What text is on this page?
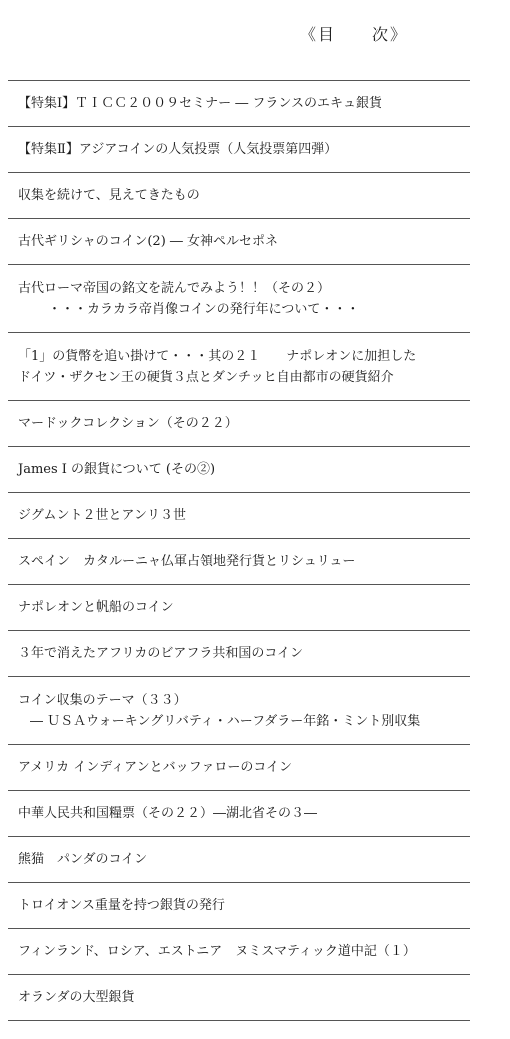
《目　　次》
【特集Ⅰ】ＴＩＣＣ２００９セミナー ― フランスのエキュ銀貨
【特集Ⅱ】アジアコインの人気投票（人気投票第四弾）
収集を続けて、見えてきたもの
古代ギリシャのコイン(2) ― 女神ペルセポネ
古代ローマ帝国の銘文を読んでみよう！！（その２）
・・・カラカラ帝肖像コインの発行年について・・・
「1」の貨幣を追い掛けて・・・其の２１　　ナポレオンに加担した
ドイツ・ザクセン王の硬貨３点とダンチッヒ自由都市の硬貨紹介
マードックコレクション（その２２）
James I の銀貨について (その②)
ジグムント２世とアンリ３世
スペイン　カタルーニャ仏軍占領地発行貨とリシュリュー
ナポレオンと帆船のコイン
３年で消えたアフリカのビアフラ共和国のコイン
コイン収集のテーマ（３３）
― ＵＳＡウォーキングリバティ・ハーフダラー年銘・ミント別収集
アメリカ インディアンとバッファローのコイン
中華人民共和国糧票（その２２）―湖北省その３―
熊猫　パンダのコイン
トロイオンス重量を持つ銀貨の発行
フィンランド、ロシア、エストニア　ヌミスマティック道中記（１）
オランダの大型銀貨
